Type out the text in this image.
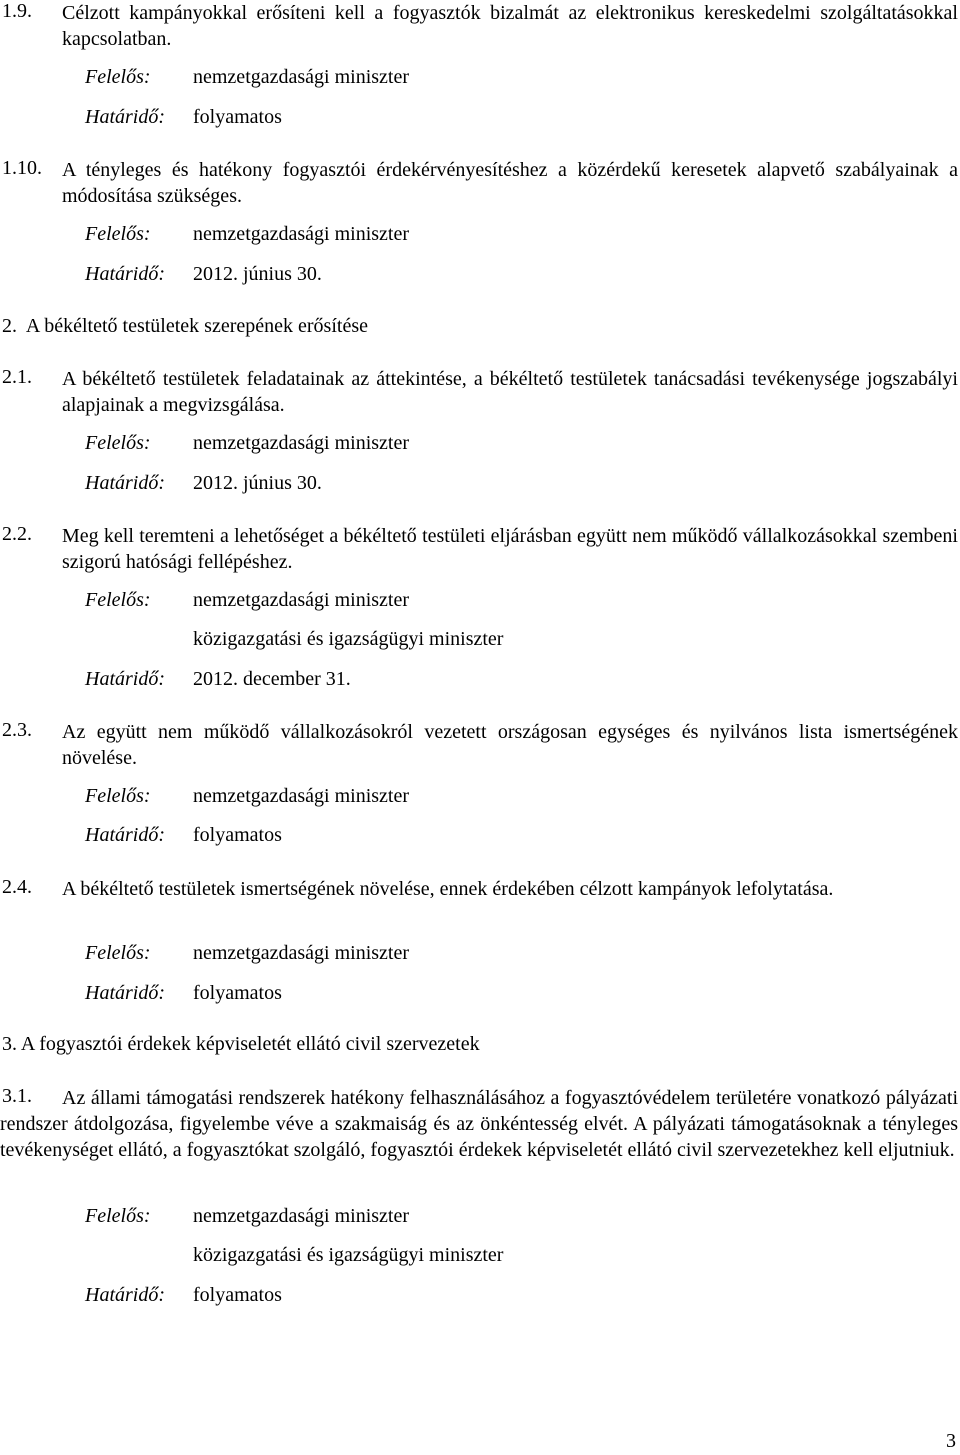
1.9. Célzott kampányokkal erősíteni kell a fogyasztók bizalmát az elektronikus kereskedelmi szolgáltatásokkal kapcsolatban.
Felelős: nemzetgazdasági miniszter
Határidő: folyamatos
1.10. A tényleges és hatékony fogyasztói érdekérvényesítéshez a közérdekű keresetek alapvető szabályainak a módosítása szükséges.
Felelős: nemzetgazdasági miniszter
Határidő: 2012. június 30.
2.  A békéltető testületek szerepének erősítése
2.1. A békéltető testületek feladatainak az áttekintése, a békéltető testületek tanácsadási tevékenysége jogszabályi alapjainak a megvizsgálása.
Felelős: nemzetgazdasági miniszter
Határidő: 2012. június 30.
2.2. Meg kell teremteni a lehetőséget a békéltető testületi eljárásban együtt nem működő vállalkozásokkal szembeni szigorú hatósági fellépéshez.
Felelős: nemzetgazdasági miniszter
közigazgatási és igazságügyi miniszter
Határidő: 2012. december 31.
2.3. Az együtt nem működő vállalkozásokról vezetett országosan egységes és nyilvános lista ismertségének növelése.
Felelős: nemzetgazdasági miniszter
Határidő: folyamatos
2.4. A békéltető testületek ismertségének növelése, ennek érdekében célzott kampányok lefolytatása.
Felelős: nemzetgazdasági miniszter
Határidő: folyamatos
3. A fogyasztói érdekek képviseletét ellátó civil szervezetek
3.1.	Az állami támogatási rendszerek hatékony felhasználásához a fogyasztóvédelem területére vonatkozó pályázati rendszer átdolgozása, figyelembe véve a szakmaiság és az önkéntesség elvét. A pályázati támogatásoknak a tényleges tevékenységet ellátó, a fogyasztókat szolgáló, fogyasztói érdekek képviseletét ellátó civil szervezetekhez kell eljutniuk.
Felelős: nemzetgazdasági miniszter
közigazgatási és igazságügyi miniszter
Határidő: folyamatos
3
